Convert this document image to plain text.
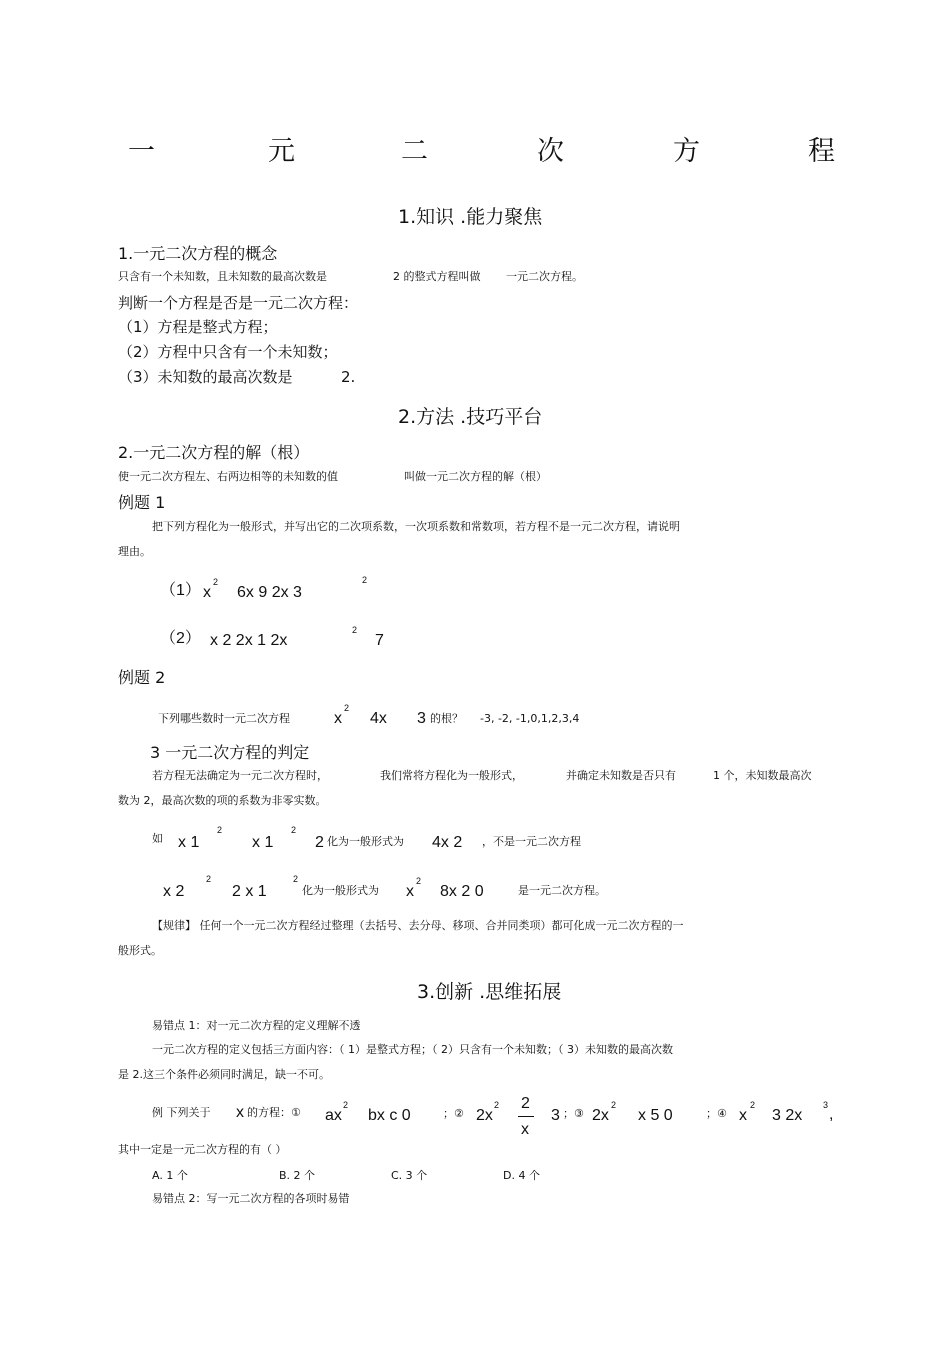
一	元	二	次	方	程
1.知识 .能力聚焦
1.一元二次方程的概念
只含有一个未知数，且未知数的最高次数是	2 的整式方程叫做 一元二次方程。
判断一个方程是否是一元二次方程：
（1）方程是整式方程；
（2）方程中只含有一个未知数；
（3）未知数的最高次数是	2.
2.方法 .技巧平台
2.一元二次方程的解（根）
使一元二次方程左、右两边相等的未知数的值	叫做一元二次方程的解（根）
例题 1
把下列方程化为一般形式，并写出它的二次项系数，一次项系数和常数项，若方程不是一元二次方程，请说明
理由。
（1） x
2
6x 9 2x 3
2
（2） x 2 2x 1 2x
2
7
例题 2
下列哪些数时一元二次方程	x
2
4x 3 的根？ -3, -2, -1,0,1,2,3,4
3 一元二次方程的判定
若方程无法确定为一元二次方程时，	我们常将方程化为一般形式，	并确定未知数是否只有	1 个，未知数最高次
数为 2，最高次数的项的系数为非零实数。
如 x 1
2
x 1
2
2 化为一般形式为 4x 2 ，不是一元二次方程
x 2
2
2 x 1
2
化为一般形式为 x
2
8x 2 0	是一元二次方程。
【规律】 任何一个一元二次方程经过整理（去括号、去分母、移项、合并同类项）都可化成一元二次方程的一
般形式。
3.创新 .思维拓展
易错点 1：对一元二次方程的定义理解不透
一元二次方程的定义包括三方面内容：（ 1）是整式方程；（ 2）只含有一个未知数；（ 3）未知数的最高次数
是 2.这三个条件必须同时满足，缺一不可。
例 下列关于 x 的方程：① ax
2
bx c 0	；② 2x
2 2
x
3 ；③ 2x
2
x 5 0	；④ x
2
3 2x
3
,
其中一定是一元二次方程的有（ ）
A. 1 个	B. 2 个	C. 3 个	D. 4 个
易错点 2：写一元二次方程的各项时易错
